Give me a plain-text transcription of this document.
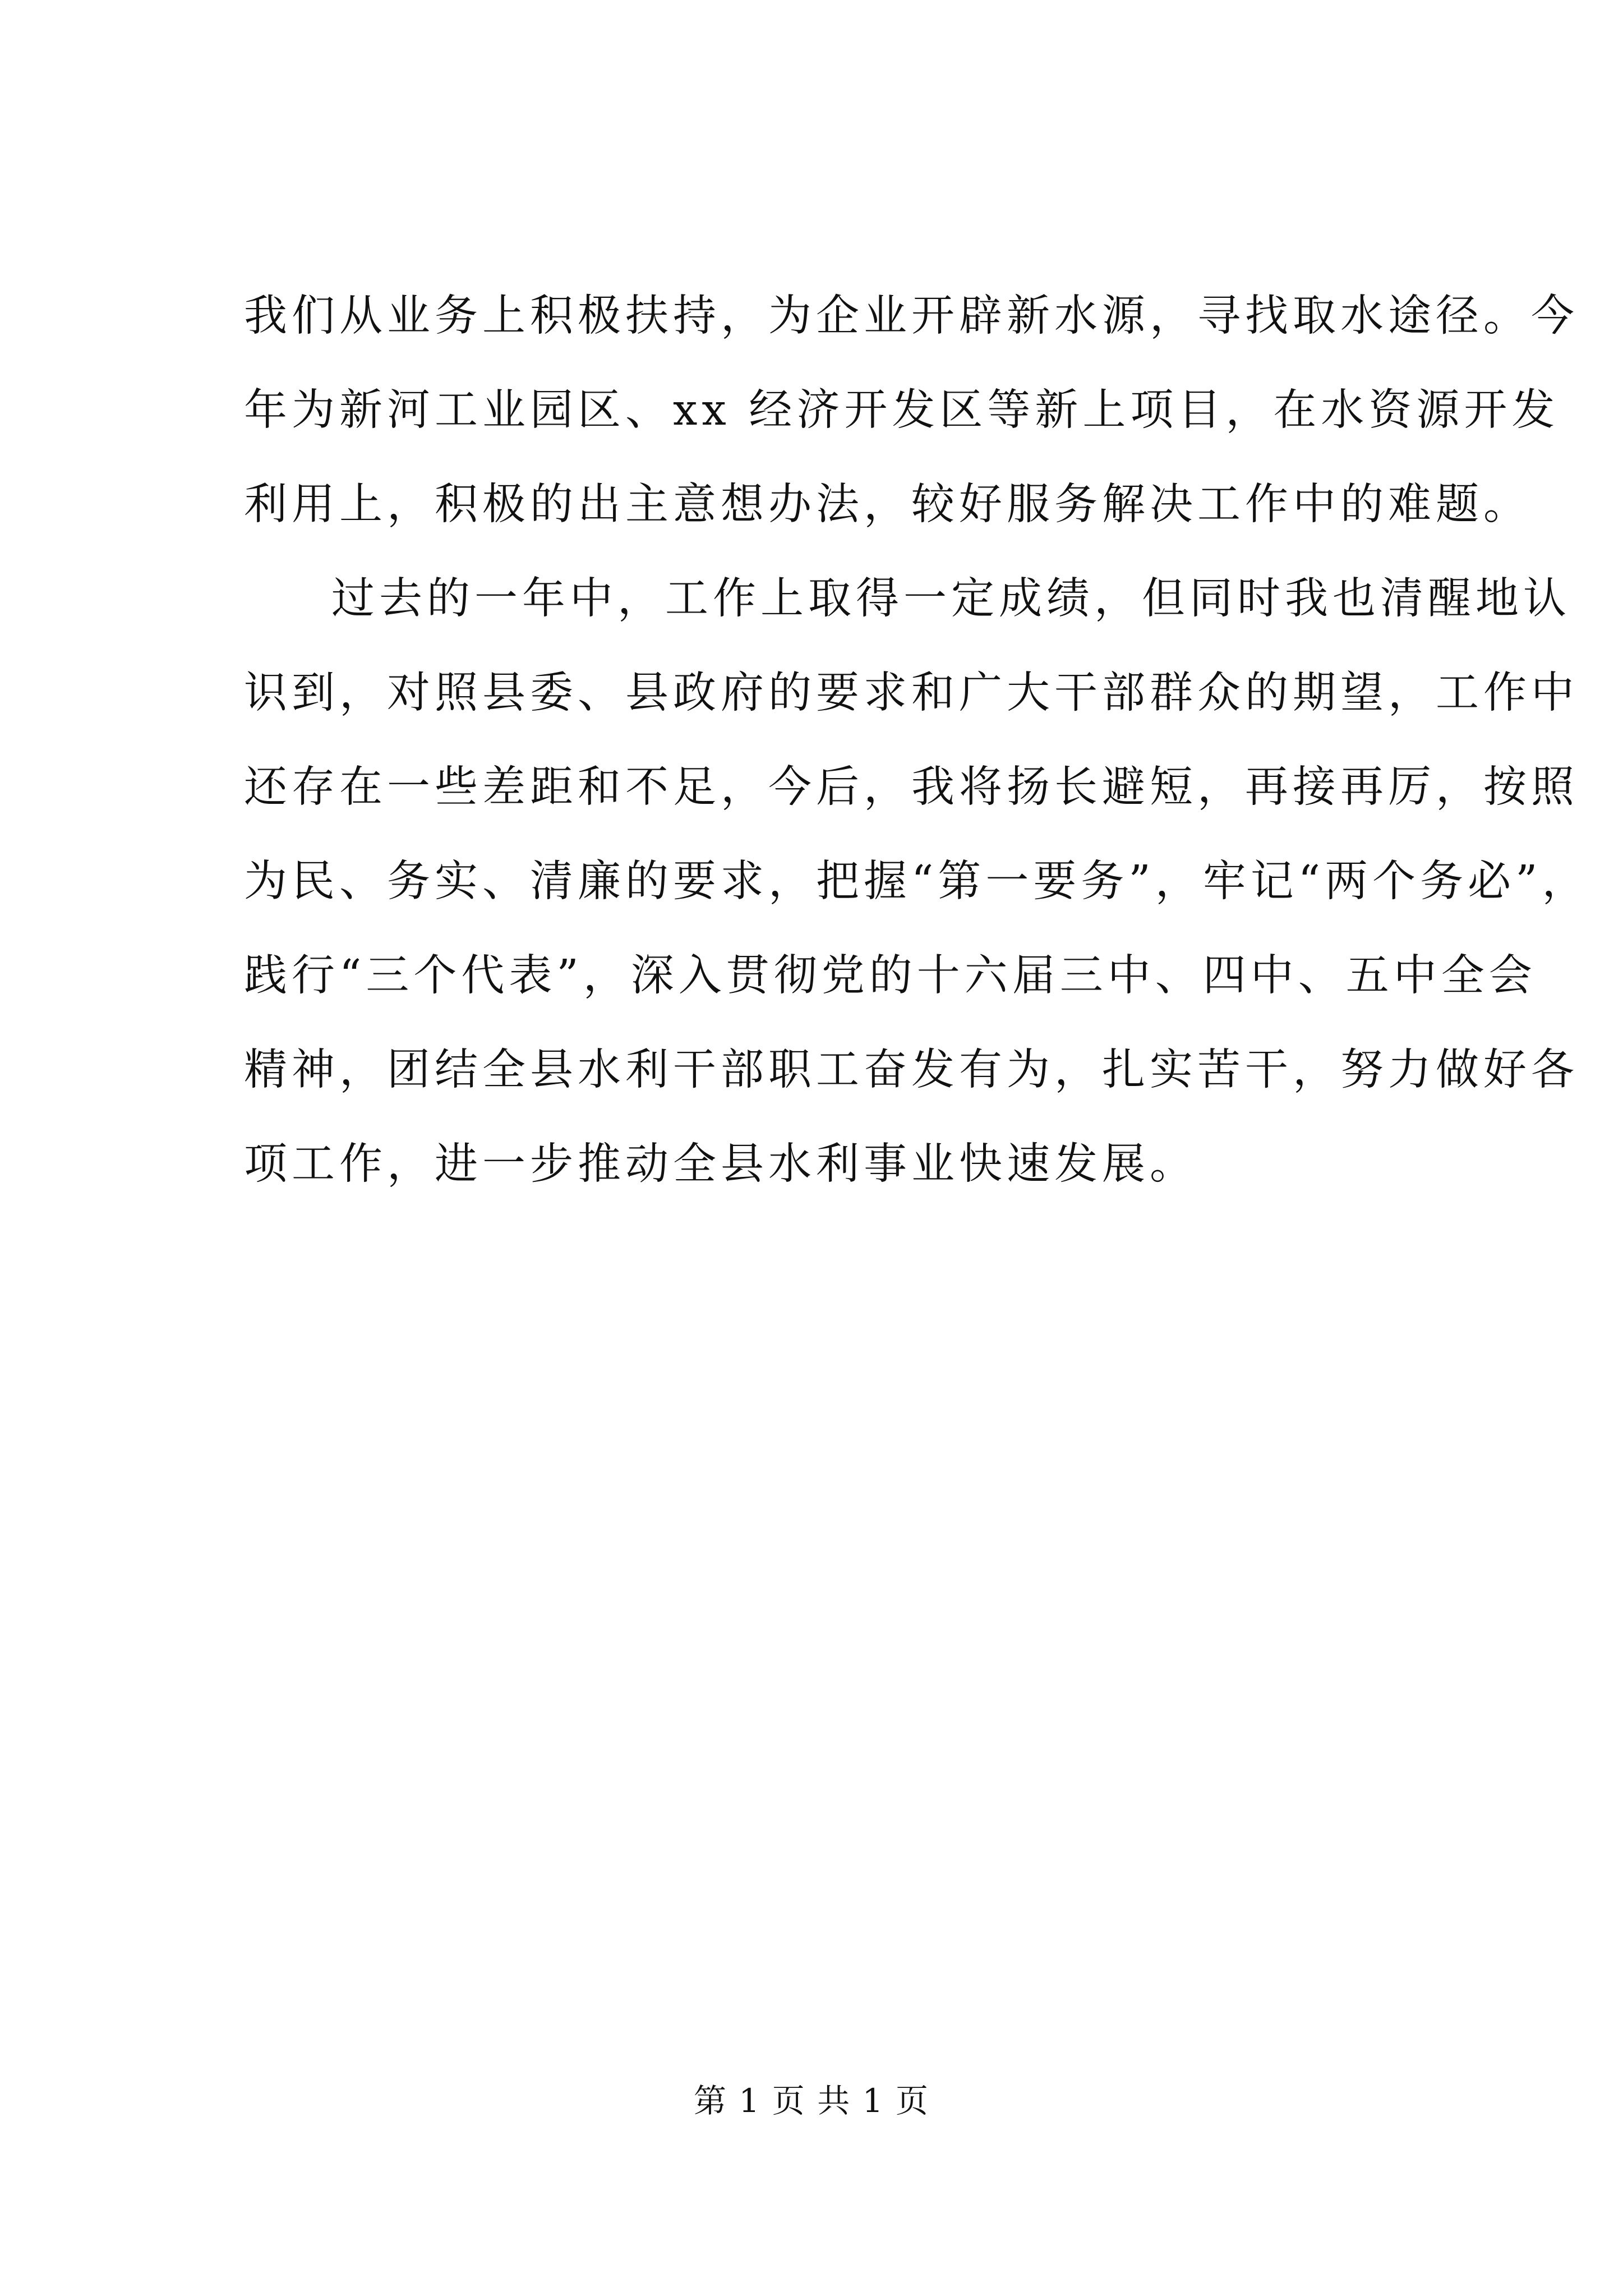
我们从业务上积极扶持，为企业开辟新水源，寻找取水途径。今
年为新河工业园区、xx 经济开发区等新上项目，在水资源开发
利用上，积极的出主意想办法，较好服务解决工作中的难题。
过去的一年中，工作上取得一定成绩，但同时我也清醒地认
识到，对照县委、县政府的要求和广大干部群众的期望，工作中
还存在一些差距和不足，今后，我将扬长避短，再接再厉，按照
为民、务实、清廉的要求，把握“第一要务”，牢记“两个务必”，
践行“三个代表”，深入贯彻党的十六届三中、四中、五中全会
精神，团结全县水利干部职工奋发有为，扎实苦干，努力做好各
项工作，进一步推动全县水利事业快速发展。
第 1 页 共 1 页
